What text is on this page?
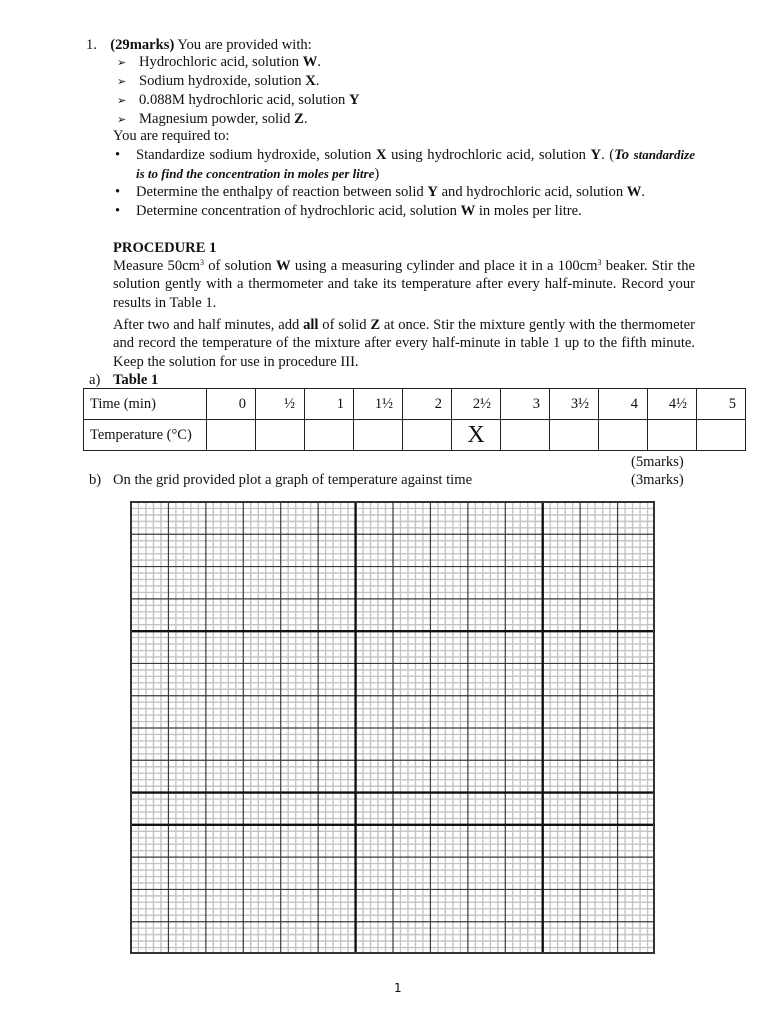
1. (29marks) You are provided with:
➢ Hydrochloric acid, solution W.
➢ Sodium hydroxide, solution X.
➢ 0.088M hydrochloric acid, solution Y
➢ Magnesium powder, solid Z.
You are required to:
• Standardize sodium hydroxide, solution X using hydrochloric acid, solution Y. (To standardize is to find the concentration in moles per litre)
• Determine the enthalpy of reaction between solid Y and hydrochloric acid, solution W.
• Determine concentration of hydrochloric acid, solution W in moles per litre.
PROCEDURE 1
Measure $50cm^3$ of solution W using a measuring cylinder and place it in a $100cm^3$ beaker. Stir the solution gently with a thermometer and take its temperature after every half-minute. Record your results in Table 1.
After two and half minutes, add all of solid Z at once. Stir the mixture gently with the thermometer and record the temperature of the mixture after every half-minute in table 1 up to the fifth minute. Keep the solution for use in procedure III.
a) Table 1
Time (min)	0	½	1	1½	2	2½	3	3½	4	4½	5
Temperature (°C)						X					
(5marks)
b) On the grid provided plot a graph of temperature against time	(3marks)
1
